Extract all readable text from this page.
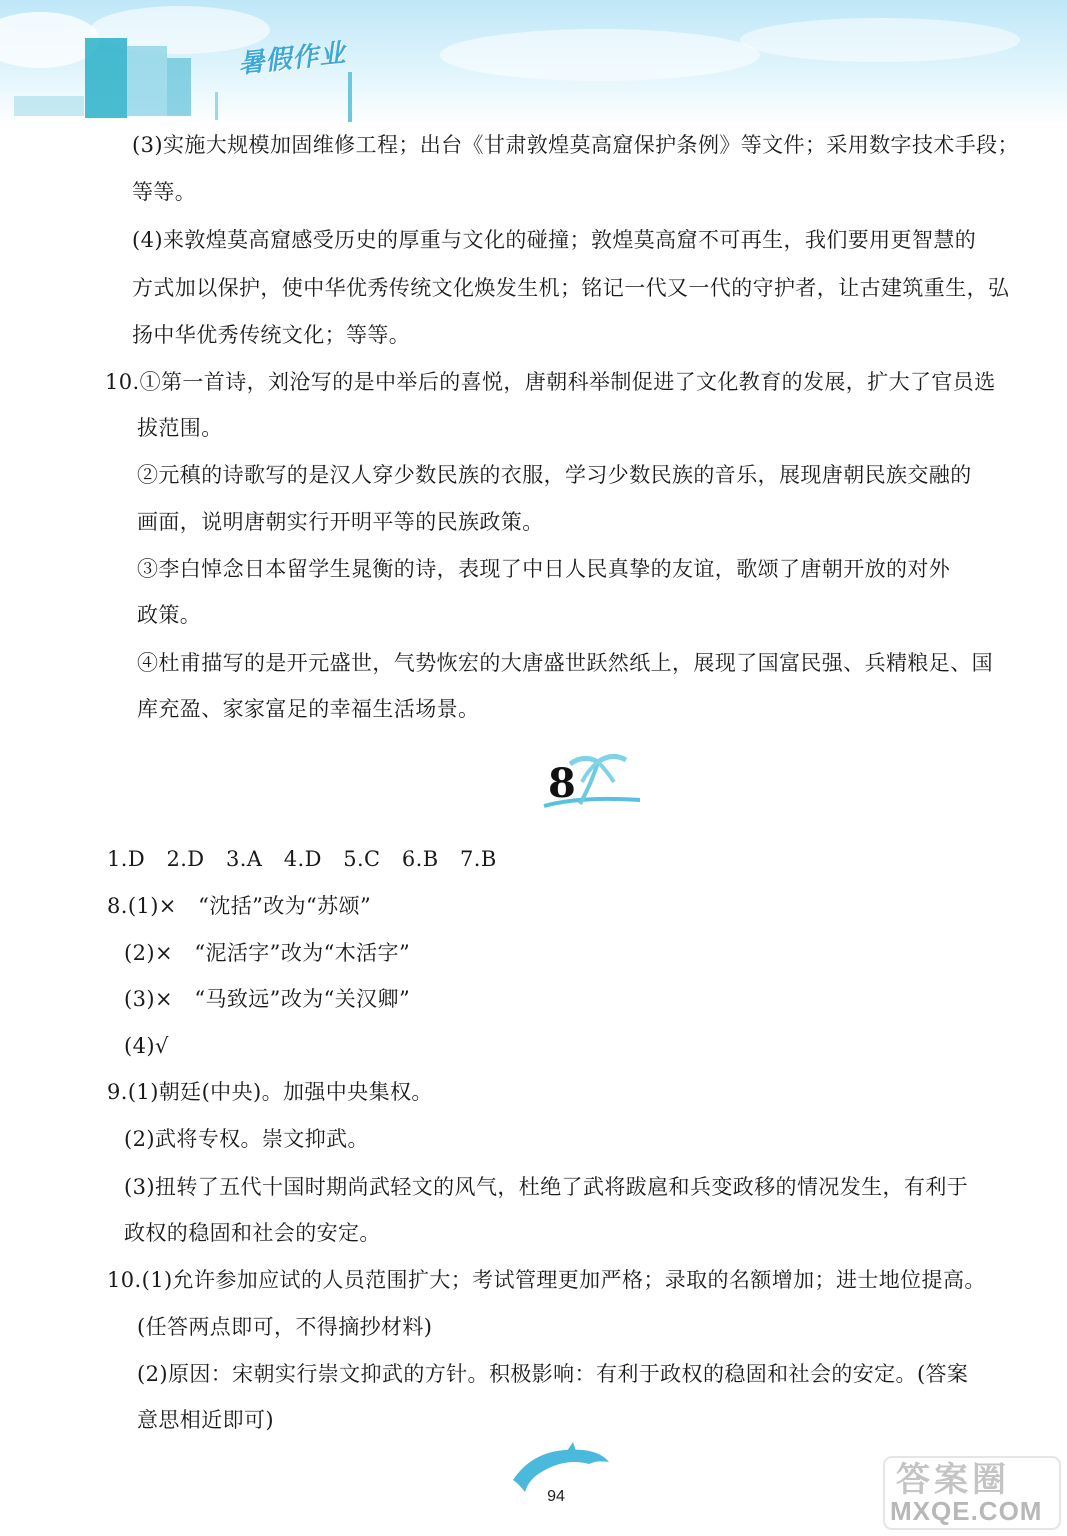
暑假作业
(3)实施大规模加固维修工程；出台《甘肃敦煌莫高窟保护条例》等文件；采用数字技术手段；
等等。
(4)来敦煌莫高窟感受历史的厚重与文化的碰撞；敦煌莫高窟不可再生，我们要用更智慧的
方式加以保护，使中华优秀传统文化焕发生机；铭记一代又一代的守护者，让古建筑重生，弘
扬中华优秀传统文化；等等。
10.①第一首诗，刘沧写的是中举后的喜悦，唐朝科举制促进了文化教育的发展，扩大了官员选
拔范围。
②元稹的诗歌写的是汉人穿少数民族的衣服，学习少数民族的音乐，展现唐朝民族交融的
画面，说明唐朝实行开明平等的民族政策。
③李白悼念日本留学生晁衡的诗，表现了中日人民真挚的友谊，歌颂了唐朝开放的对外
政策。
④杜甫描写的是开元盛世，气势恢宏的大唐盛世跃然纸上，展现了国富民强、兵精粮足、国
库充盈、家家富足的幸福生活场景。
8
1.D　2.D　3.A　4.D　5.C　6.B　7.B
8.(1)×　“沈括”改为“苏颂”
(2)×　“泥活字”改为“木活字”
(3)×　“马致远”改为“关汉卿”
(4)√
9.(1)朝廷(中央)。加强中央集权。
(2)武将专权。崇文抑武。
(3)扭转了五代十国时期尚武轻文的风气，杜绝了武将跋扈和兵变政移的情况发生，有利于
政权的稳固和社会的安定。
10.(1)允许参加应试的人员范围扩大；考试管理更加严格；录取的名额增加；进士地位提高。
(任答两点即可，不得摘抄材料)
(2)原因：宋朝实行崇文抑武的方针。积极影响：有利于政权的稳固和社会的安定。(答案
意思相近即可)
94	答案圈
MXQE.COM
